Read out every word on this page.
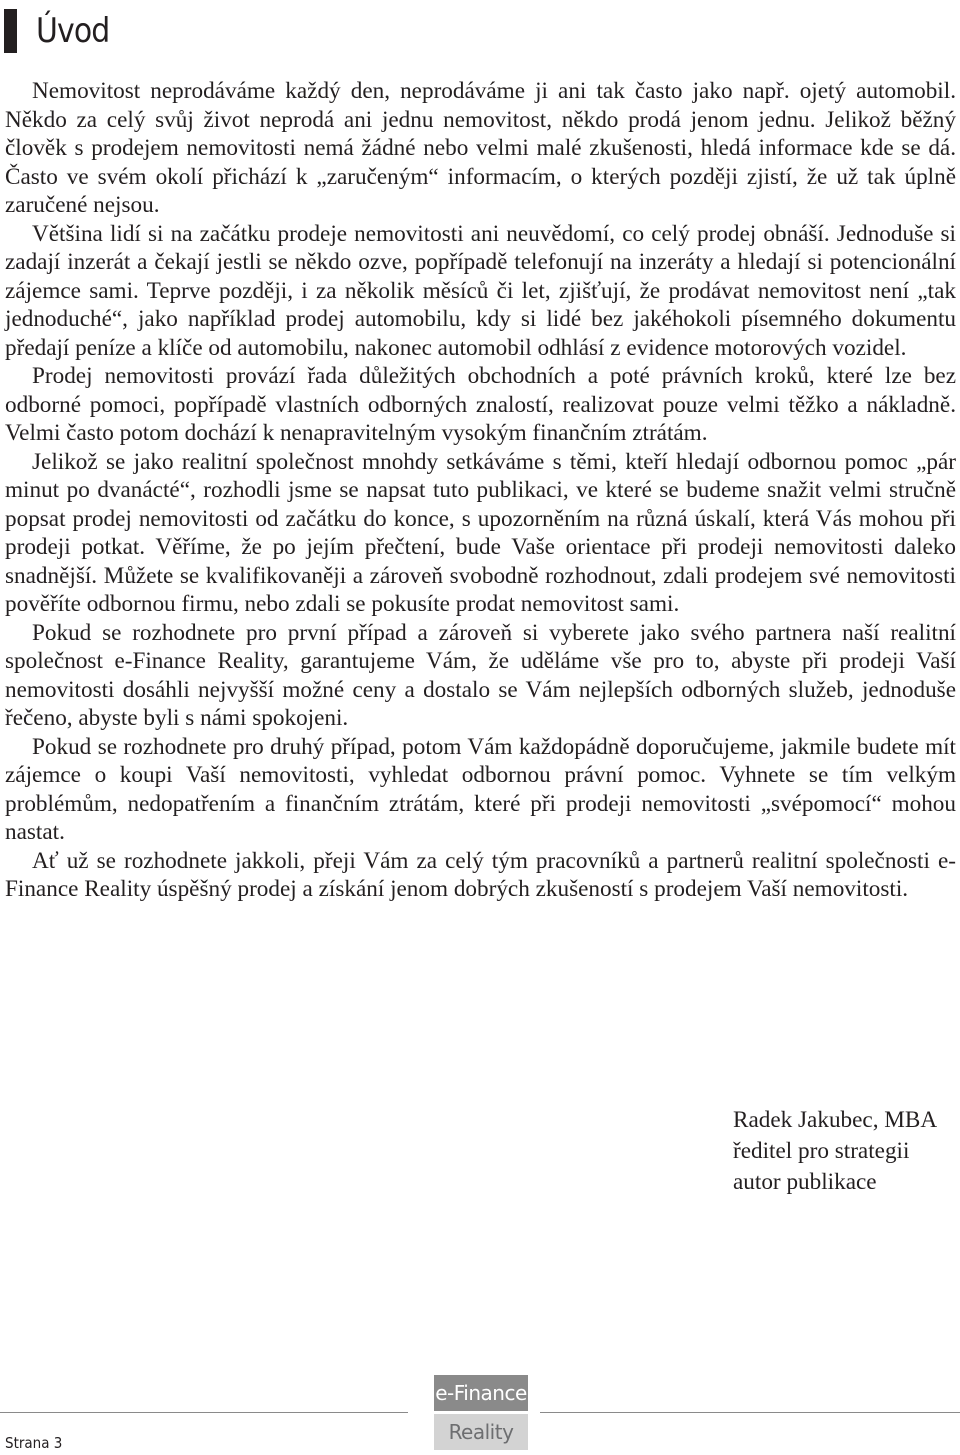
Úvod

Nemovitost neprodáváme každý den, neprodáváme ji ani tak často jako např. ojetý automobil. Někdo za celý svůj život neprodá ani jednu nemovitost, někdo prodá jenom jednu. Jelikož běžný člověk s prodejem nemovitosti nemá žádné nebo velmi malé zkušenosti, hledá informace kde se dá. Často ve svém okolí přichází k „zaručeným“ informacím, o kterých později zjistí, že už tak úplně zaručené nejsou.

Většina lidí si na začátku prodeje nemovitosti ani neuvědomí, co celý prodej obnáší. Jednoduše si zadají inzerát a čekají jestli se někdo ozve, popřípadě telefonují na inzeráty a hledají si potencionální zájemce sami. Teprve později, i za několik měsíců či let, zjišťují, že prodávat nemovitost není „tak jednoduché“, jako například prodej automobilu, kdy si lidé bez jakéhokoli písemného dokumentu předají peníze a klíče od automobilu, nakonec automobil odhlásí z evidence motorových vozidel.

Prodej nemovitosti provází řada důležitých obchodních a poté právních kroků, které lze bez odborné pomoci, popřípadě vlastních odborných znalostí, realizovat pouze velmi těžko a nákladně. Velmi často potom dochází k nenapravitelným vysokým finančním ztrátám.

Jelikož se jako realitní společnost mnohdy setkáváme s těmi, kteří hledají odbornou pomoc „pár minut po dvanácté“, rozhodli jsme se napsat tuto publikaci, ve které se budeme snažit velmi stručně popsat prodej nemovitosti od začátku do konce, s upozorněním na různá úskalí, která Vás mohou při prodeji potkat. Věříme, že po jejím přečtení, bude Vaše orientace při prodeji nemovitosti daleko snadnější. Můžete se kvalifikovaněji a zároveň svobodně rozhodnout, zdali prodejem své nemovitosti pověříte odbornou firmu, nebo zdali se pokusíte prodat nemovitost sami.

Pokud se rozhodnete pro první případ a zároveň si vyberete jako svého partnera naší realitní společnost e-Finance Reality, garantujeme Vám, že uděláme vše pro to, abyste při prodeji Vaší nemovitosti dosáhli nejvyšší možné ceny a dostalo se Vám nejlepších odborných služeb, jednoduše řečeno, abyste byli s námi spokojeni.

Pokud se rozhodnete pro druhý případ, potom Vám každopádně doporučujeme, jakmile budete mít zájemce o koupi Vaší nemovitosti, vyhledat odbornou právní pomoc. Vyhnete se tím velkým problémům, nedopatřením a finančním ztrátám, které při prodeji nemovitosti „svépomocí“ mohou nastat.

Ať už se rozhodnete jakkoli, přeji Vám za celý tým pracovníků a partnerů realitní společnosti e-Finance Reality úspěšný prodej a získání jenom dobrých zkušeností s prodejem Vaší nemovitosti.

Radek Jakubec, MBA
ředitel pro strategii
autor publikace
e-Finance
Reality
Strana 3
